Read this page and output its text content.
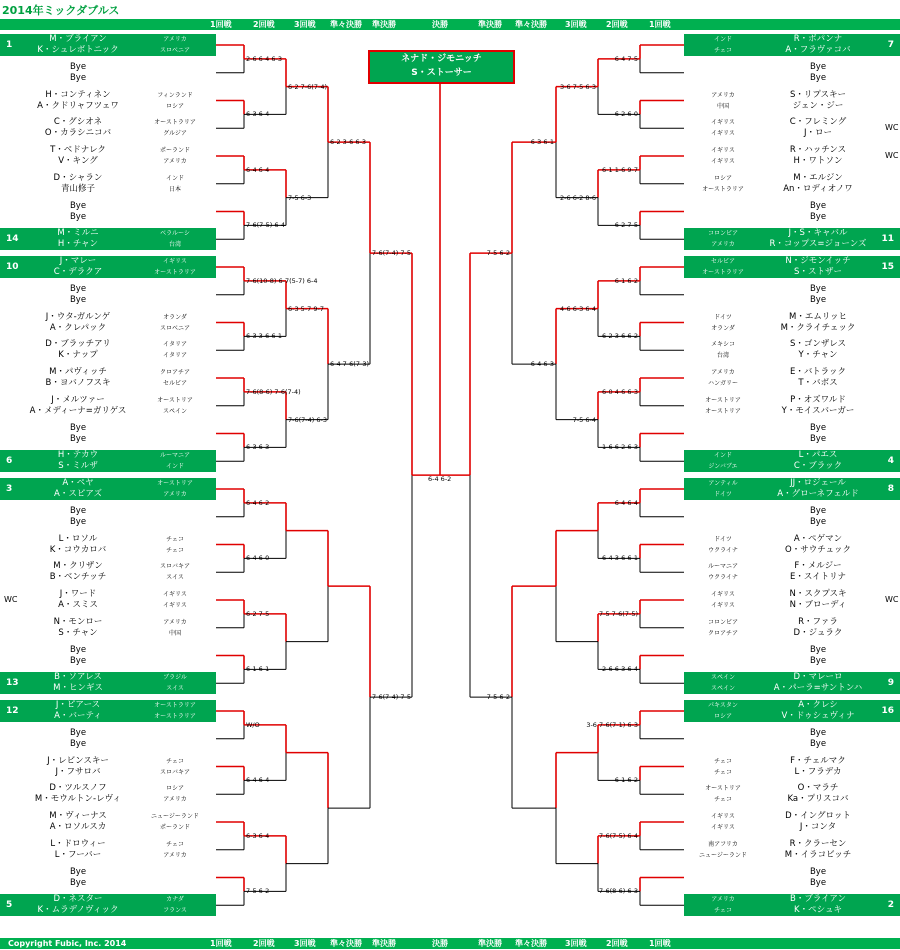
2014年ミックダブルス
1回戦	2回戦 3回戦 準々決勝 準決勝	決勝	準決勝 準々決勝 3回戦 2回戦	1回戦
Copyright Fubic, Inc. 2014	1回戦	2回戦 3回戦 準々決勝 準決勝	決勝	準決勝 準々決勝 3回戦 2回戦	1回戦
1
M・ブライアン	アメリカ
K・シュレボトニック	スロベニア
Bye
Bye
H・コンティネン	フィンランド
A・クドリャフツェワ	ロシア
C・グシオネ	オーストラリア
O・カラシニコバ	グルジア
T・ベドナレク	ポーランド
V・キング	アメリカ
D・シャラン	インド
青山修子	日本
Bye
Bye
14
M・ミルニ	ベラルーシ
H・チャン	台湾
10
J・マレー	イギリス
C・デラクア	オーストラリア
Bye
Bye
J・ウタ-ガルンゲ	オランダ
A・クレパック	スロベニア
D・ブラッチアリ	イタリア
K・ナップ	イタリア
M・パヴィッチ	クロアチア
B・ヨバノフスキ	セルビア
J・メルツァー	オーストリア
A・メディーナ=ガリゲス	スペイン
Bye
Bye
6
H・テカウ	ルーマニア
S・ミルザ	インド
3
A・ペヤ	オーストリア
A・スピアズ	アメリカ
Bye
Bye
L・ロソル	チェコ
K・コウカロバ	チェコ
M・クリザン	スロバキア
B・ベンチッチ	スイス
J・ワード	イギリス
A・スミス	イギリス
WC
N・モンロー	アメリカ
S・チャン	中国
Bye
Bye
13
B・ソアレス	ブラジル
M・ヒンギス	スイス
12
J・ピアース	オーストラリア
A・バーティ	オーストラリア
Bye
Bye
J・レビンスキー	チェコ
J・フサロバ	スロバキア
D・ツルスノフ	ロシア
M・モウルトン-レヴィ	アメリカ
M・ヴィーナス	ニュージーランド
A・ロソルスカ	ポーランド
L・ドロウィー	チェコ
L・フーバー	アメリカ
Bye
Bye
5
D・ネスター	カナダ
K・ムラデノヴィック	フランス
7
R・ボパンナ
インド
A・フラヴァコバ
チェコ
Bye
Bye
S・リプスキー
アメリカ
ジェン・ジー
中国
C・フレミング
イギリス
J・ロー
イギリス
WC
R・ハッチンス
イギリス
H・ワトソン
イギリス
WC
M・エルジン
ロシア
An・ロディオノワ
オーストラリア
Bye
Bye
11
J・S・キャバル
コロンビア
R・コップス=ジョーンズ
アメリカ
15
N・ジモンイッチ
セルビア
S・ストザー
オーストラリア
Bye
Bye
M・エムリッヒ
ドイツ
M・クライチェック
オランダ
S・ゴンザレス
メキシコ
Y・チャン
台湾
E・バトラック
アメリカ
T・バボス
ハンガリー
P・オズワルド
オーストリア
Y・モイスバーガー
オーストリア
Bye
Bye
4
L・パエス
インド
C・ブラック
ジンバブエ
8
JJ・ロジェール
アンティル
A・グローネフェルド
ドイツ
Bye
Bye
A・ペゲマン
ドイツ
O・サウチュック
ウクライナ
F・メルジー
ルーマニア
E・スイトリナ
ウクライナ
N・スクプスキ
イギリス
N・ブローディ
イギリス
WC
R・ファラ
コロンビア
D・ジュラク
クロアチア
Bye
Bye
9
D・マレーロ
スペイン
A・パーラ=サントンハ
スペイン
16
A・クレシ
パキスタン
V・ドゥシェヴィナ
ロシア
Bye
Bye
F・チェルマク
チェコ
L・フラデカ
チェコ
O・マラチ
オーストリア
Ka・プリスコバ
チェコ
D・イングロット
イギリス
J・コンタ
イギリス
R・クラーセン
南アフリカ
M・イラコビッチ
ニュージーランド
Bye
Bye
2
B・ブライアン
アメリカ
K・ペシュキ
チェコ
2-6 6-4 6-3
6-3 6-4
6-4 6-4
7-6(7-5) 6-4
7-6(10-8) 6-7(5-7) 6-4
6-3 3-6 6-1
7-6(8-6) 7-6(7-4)
6-3 6-3
6-4 6-2
6-4 6-0
6-2 7-5
6-1 6-1
W/O
6-4 6-4
6-3 6-4
7-5 6-2
6-2 7-6(7-4)
7-5 6-3
6-3 5-7 9-7
7-6(7-4) 6-3
6-2 3-6 6-3
6-4 7-6(7-3)
7-6(7-4) 7-5
7-6(7-4) 7-5
6-4 7-5
6-2 6-0
6-1 1-6 9-7
6-2 7-5
6-1 6-2
6-2 3-6 6-2
6-0 4-6 6-3
1-6 6-2 6-3
6-4 6-4
6-4 3-6 6-1
7-5 7-6(7-5)
2-6 6-3 6-4
3-6 7-6(7-1) 6-3
6-1 6-2
7-6(7-5) 6-4
7-6(8-6) 6-3
3-6 7-5 6-3
2-6 6-2 8-6
4-6 6-3 6-4
7-5 6-4
6-3 6-1
6-4 6-3
7-5 6-2
7-5 6-2
6-4 6-2
ネナド・ジモニッチ
S・ストーサー
